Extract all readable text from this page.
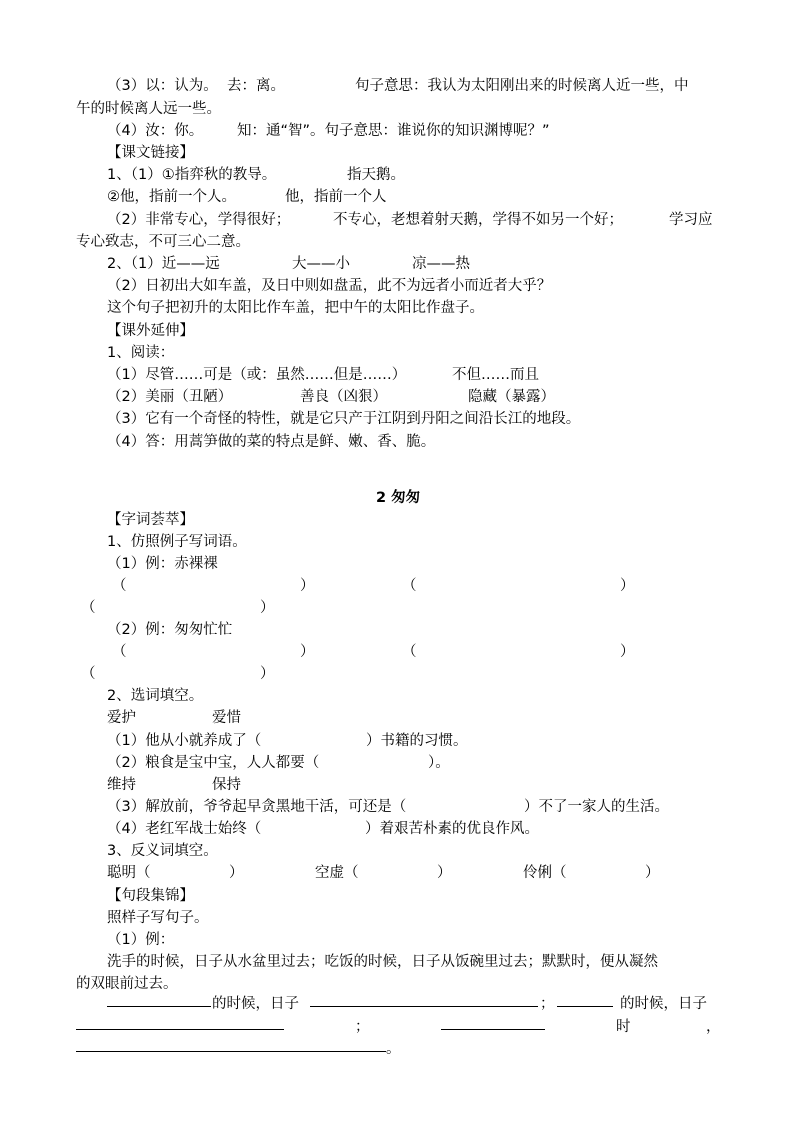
（3）以：认为。  去：离。	句子意思：我认为太阳刚出来的时候离人近一些，中
午的时候离人远一些。
（4）汝：你。 知：通“智”。句子意思：谁说你的知识渊博呢？”
【课文链接】
1、（1）①指弈秋的教导。	指天鹅。
②他，指前一个人。	他，指前一个人
（2）非常专心，学得很好；	不专心，老想着射天鹅，学得不如另一个好；	学习应
专心致志，不可三心二意。
2、（1）近——远	大——小	凉——热
（2）日初出大如车盖，及日中则如盘盂，此不为远者小而近者大乎？
这个句子把初升的太阳比作车盖，把中午的太阳比作盘子。
【课外延伸】
1、阅读：
（1）尽管……可是（或：虽然……但是……）	不但……而且
（2）美丽（丑陋）	善良（凶狠）	隐藏（暴露）
（3）它有一个奇怪的特性，就是它只产于江阴到丹阳之间沿长江的地段。
（4）答：用蒿笋做的菜的特点是鲜、嫩、香、脆。
2 匆匆
【字词荟萃】
1、仿照例子写词语。
（1）例：赤裸裸
（	）	（	）
（	）
（2）例：匆匆忙忙
（	）	（	）
（	）
2、选词填空。
爱护	爱惜
（1）他从小就养成了（	）书籍的习惯。
（2）粮食是宝中宝，人人都要（	）。
维持	保持
（3）解放前，爷爷起早贪黑地干活，可还是（	）不了一家人的生活。
（4）老红军战士始终（	）着艰苦朴素的优良作风。
3、反义词填空。
聪明（	）	空虚（	）	伶俐（	）
【句段集锦】
照样子写句子。
（1）例：
洗手的时候，日子从水盆里过去；吃饭的时候，日子从饭碗里过去；默默时，便从凝然
的双眼前过去。
的时候，日子	；	的时候，日子
；	时	，
。
